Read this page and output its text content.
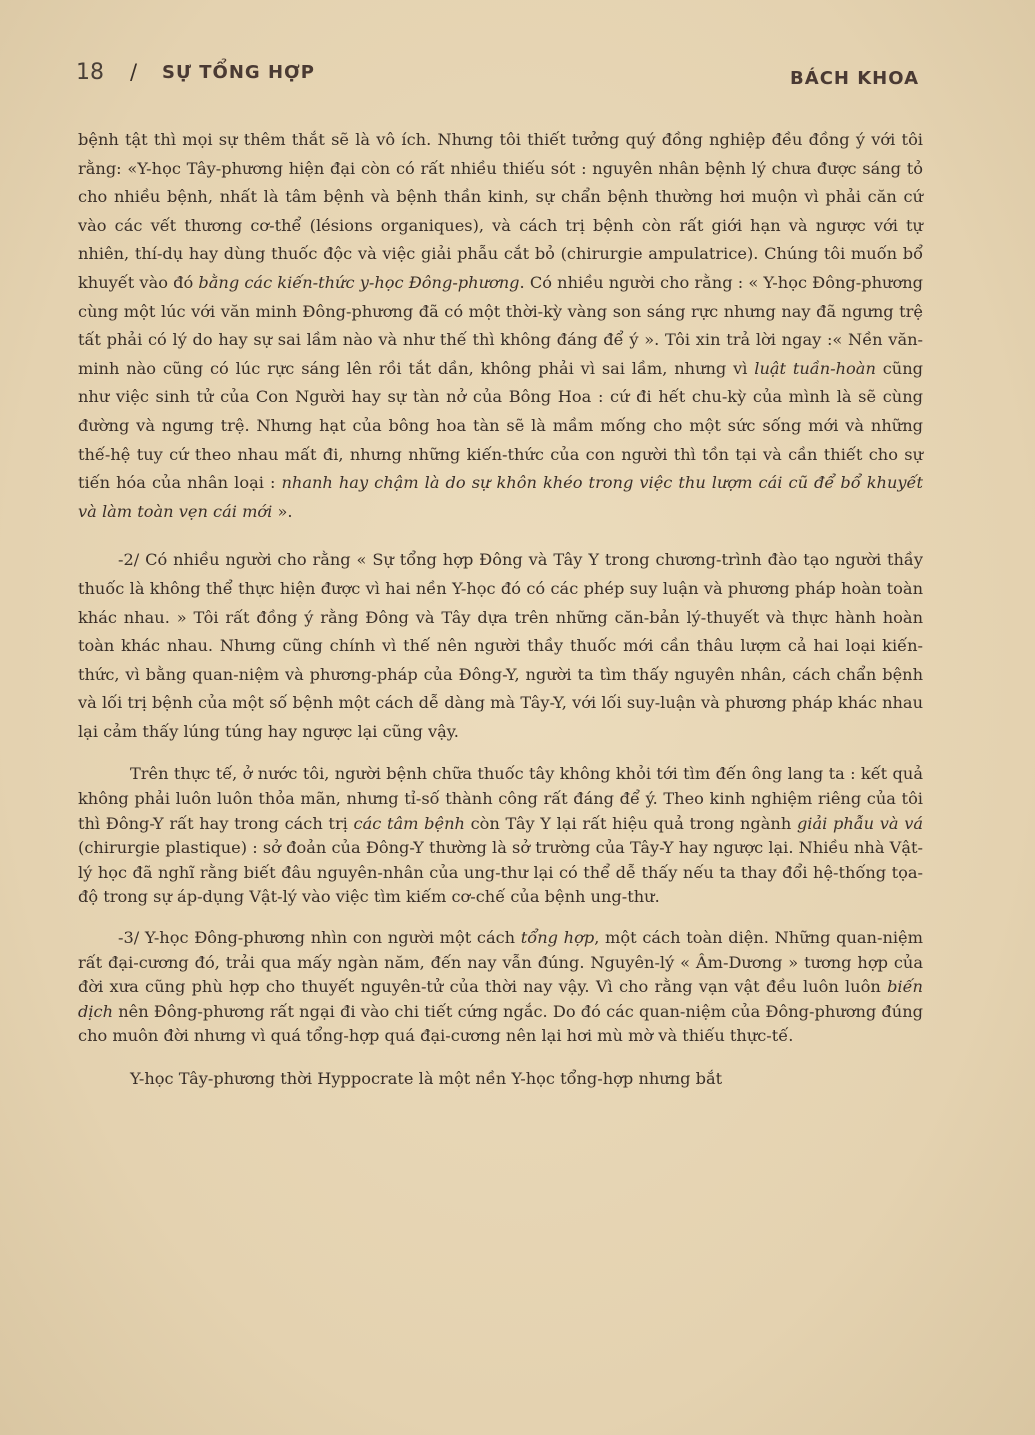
18 / SỰ TỔNG HỢP	BÁCH KHOA

bệnh tật thì mọi sự thêm thắt sẽ là vô ích. Nhưng tôi thiết tưởng quý đồng nghiệp đều đồng ý với tôi rằng: «Y-học Tây-phương hiện đại còn có rất nhiều thiếu sót : nguyên nhân bệnh lý chưa được sáng tỏ cho nhiều bệnh, nhất là tâm bệnh và bệnh thần kinh, sự chẩn bệnh thường hơi muộn vì phải căn cứ vào các vết thương cơ-thể (lésions organiques), và cách trị bệnh còn rất giới hạn và ngược với tự nhiên, thí-dụ hay dùng thuốc độc và việc giải phẫu cắt bỏ (chirurgie ampulatrice). Chúng tôi muốn bổ khuyết vào đó bằng các kiến-thức y-học Đông-phương. Có nhiều người cho rằng : « Y-học Đông-phương cùng một lúc với văn minh Đông-phương đã có một thời-kỳ vàng son sáng rực nhưng nay đã ngưng trệ tất phải có lý do hay sự sai lầm nào và như thế thì không đáng để ý ». Tôi xin trả lời ngay :« Nền văn-minh nào cũng có lúc rực sáng lên rồi tắt dần, không phải vì sai lầm, nhưng vì luật tuần-hoàn cũng như việc sinh tử của Con Người hay sự tàn nở của Bông Hoa : cứ đi hết chu-kỳ của mình là sẽ cùng đường và ngưng trệ. Nhưng hạt của bông hoa tàn sẽ là mầm mống cho một sức sống mới và những thế-hệ tuy cứ theo nhau mất đi, nhưng những kiến-thức của con người thì tồn tại và cần thiết cho sự tiến hóa của nhân loại : nhanh hay chậm là do sự khôn khéo trong việc thu lượm cái cũ để bổ khuyết và làm toàn vẹn cái mới ».

-2/ Có nhiều người cho rằng « Sự tổng hợp Đông và Tây Y trong chương-trình đào tạo người thầy thuốc là không thể thực hiện được vì hai nền Y-học đó có các phép suy luận và phương pháp hoàn toàn khác nhau. » Tôi rất đồng ý rằng Đông và Tây dựa trên những căn-bản lý-thuyết và thực hành hoàn toàn khác nhau. Nhưng cũng chính vì thế nên người thầy thuốc mới cần thâu lượm cả hai loại kiến-thức, vì bằng quan-niệm và phương-pháp của Đông-Y, người ta tìm thấy nguyên nhân, cách chẩn bệnh và lối trị bệnh của một số bệnh một cách dễ dàng mà Tây-Y, với lối suy-luận và phương pháp khác nhau lại cảm thấy lúng túng hay ngược lại cũng vậy.

Trên thực tế, ở nước tôi, người bệnh chữa thuốc tây không khỏi tới tìm đến ông lang ta : kết quả không phải luôn luôn thỏa mãn, nhưng tỉ-số thành công rất đáng để ý. Theo kinh nghiệm riêng của tôi thì Đông-Y rất hay trong cách trị các tâm bệnh còn Tây Y lại rất hiệu quả trong ngành giải phẫu và vá (chirurgie plastique) : sở đoản của Đông-Y thường là sở trường của Tây-Y hay ngược lại. Nhiều nhà Vật-lý học đã nghĩ rằng biết đâu nguyên-nhân của ung-thư lại có thể dễ thấy nếu ta thay đổi hệ-thống tọa-độ trong sự áp-dụng Vật-lý vào việc tìm kiếm cơ-chế của bệnh ung-thư.

-3/ Y-học Đông-phương nhìn con người một cách tổng hợp, một cách toàn diện. Những quan-niệm rất đại-cương đó, trải qua mấy ngàn năm, đến nay vẫn đúng. Nguyên-lý « Âm-Dương » tương hợp của đời xưa cũng phù hợp cho thuyết nguyên-tử của thời nay vậy. Vì cho rằng vạn vật đều luôn luôn biến dịch nên Đông-phương rất ngại đi vào chi tiết cứng ngắc. Do đó các quan-niệm của Đông-phương đúng cho muôn đời nhưng vì quá tổng-hợp quá đại-cương nên lại hơi mù mờ và thiếu thực-tế.

Y-học Tây-phương thời Hyppocrate là một nền Y-học tổng-hợp nhưng bắt
